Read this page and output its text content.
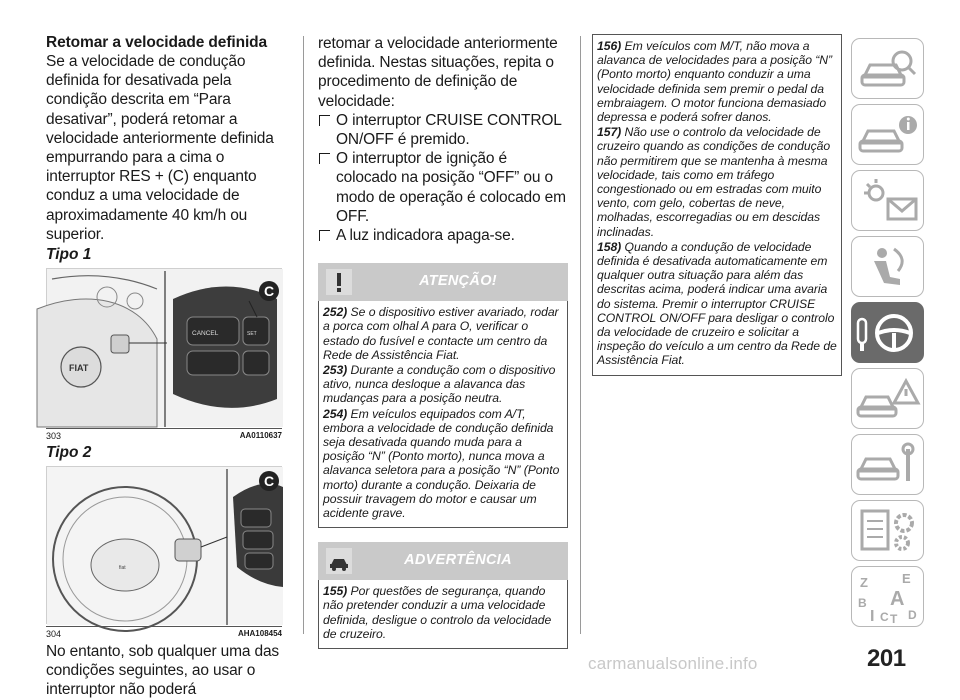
Retomar a velocidade definida
Se a velocidade de condução definida for desativada pela condição descrita em “Para desativar”, poderá retomar a velocidade anteriormente definida empurrando para a cima o interruptor RES + (C) enquanto conduz a uma velocidade de aproximadamente 40 km/h ou superior.
Tipo 1
FIAT
CANCEL	SET
C
303	AA0110637
Tipo 2
fiat
C
304	AHA108454
No entanto, sob qualquer uma das condições seguintes, ao usar o interruptor não poderá
retomar a velocidade anteriormente definida. Nestas situações, repita o procedimento de definição de velocidade:
O interruptor CRUISE CONTROL ON/OFF é premido.
O interruptor de ignição é colocado na posição “OFF” ou o modo de operação é colocado em OFF.
A luz indicadora apaga-se.
ATENÇÃO!
252) Se o dispositivo estiver avariado, rodar a porca com olhal A para O, verificar o estado do fusível e contacte um centro da Rede de Assistência Fiat.
253) Durante a condução com o dispositivo ativo, nunca desloque a alavanca das mudanças para a posição neutra.
254) Em veículos equipados com A/T, embora a velocidade de condução definida seja desativada quando muda para a posição “N” (Ponto morto), nunca mova a alavanca seletora para a posição “N” (Ponto morto) durante a condução. Deixaria de possuir travagem do motor e causar um acidente grave.
ADVERTÊNCIA
155) Por questões de segurança, quando não pretender conduzir a uma velocidade definida, desligue o controlo da velocidade de cruzeiro.
156) Em veículos com M/T, não mova a alavanca de velocidades para a posição “N” (Ponto morto) enquanto conduzir a uma velocidade definida sem premir o pedal da embraiagem. O motor funciona demasiado depressa e poderá sofrer danos.
157) Não use o controlo da velocidade de cruzeiro quando as condições de condução não permitirem que se mantenha à mesma velocidade, tais como em tráfego congestionado ou em estradas com muito vento, com gelo, cobertas de neve, molhadas, escorregadias ou em descidas inclinadas.
158) Quando a condução de velocidade definida é desativada automaticamente em qualquer outra situação para além das descritas acima, poderá indicar uma avaria do sistema. Premir o interruptor CRUISE CONTROL ON/OFF para desligar o controlo da velocidade de cruzeiro e solicitar a inspeção do veículo a um centro da Rede de Assistência Fiat.
Z	E
B A
I C T D
carmanualsonline.info	201
